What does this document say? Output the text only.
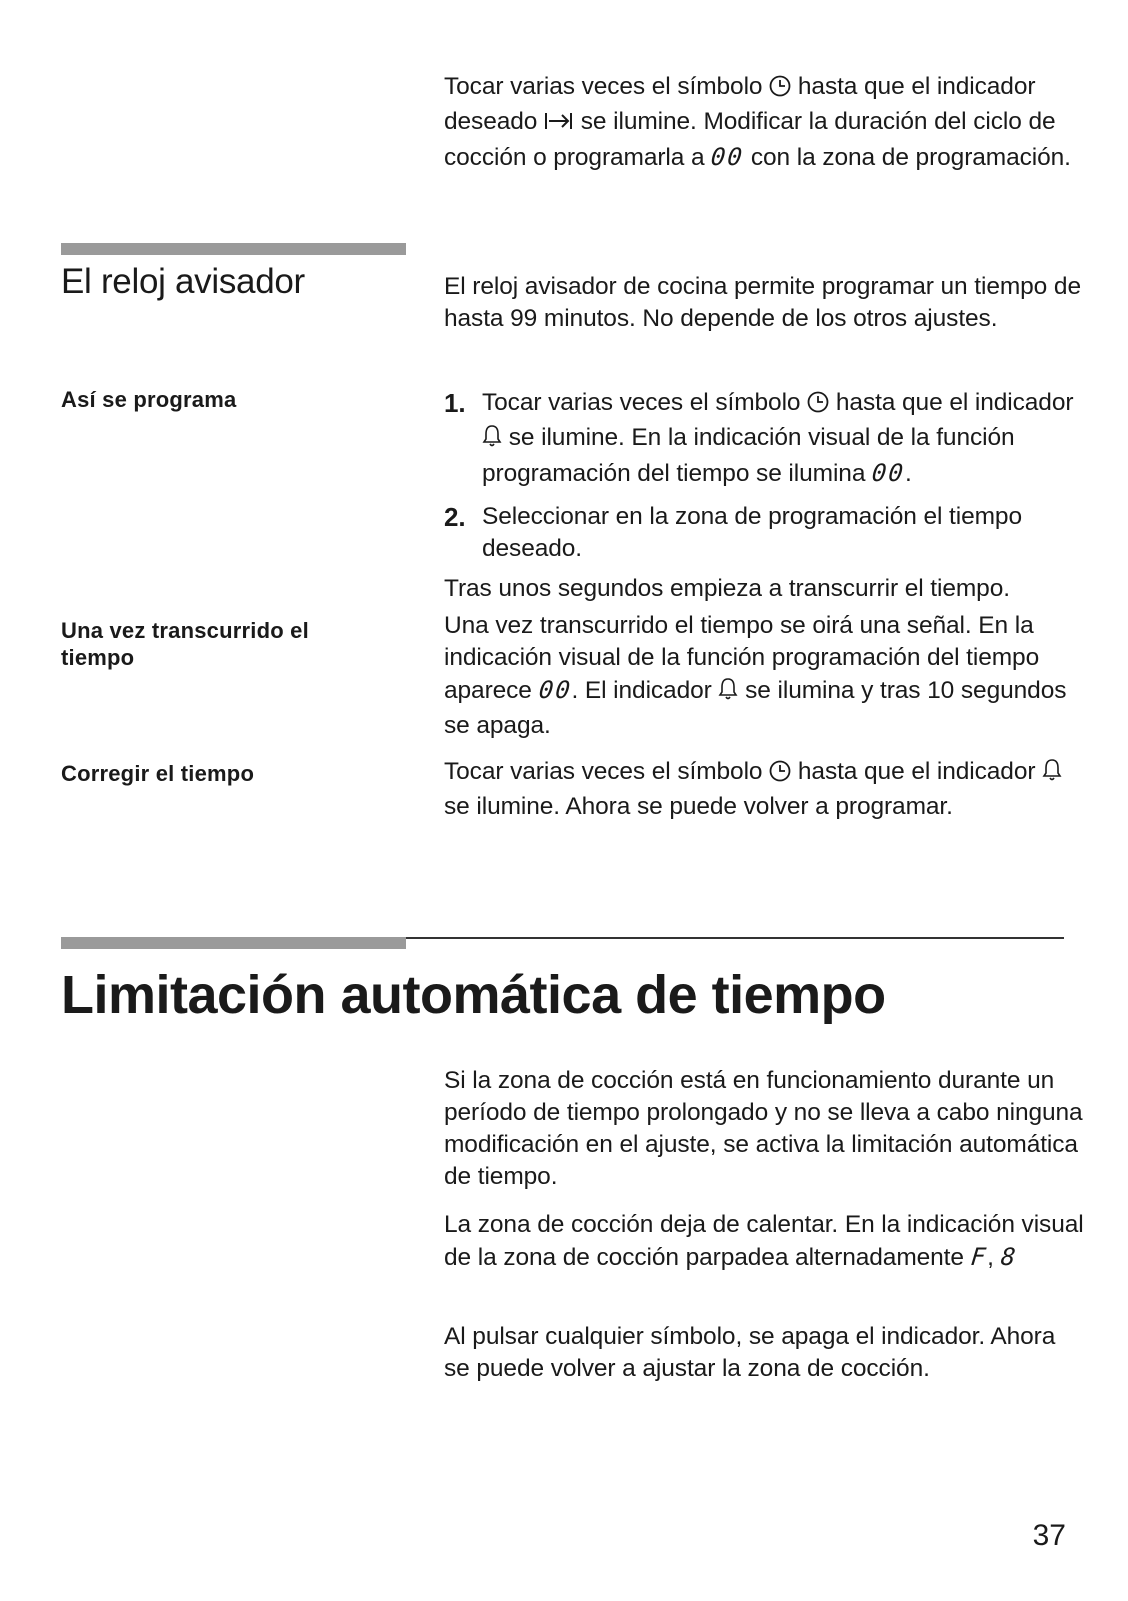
Tocar varias veces el símbolo hasta que el indicador deseado se ilumine. Modificar la duración del ciclo de cocción o programarla a 00 con la zona de programación.

El reloj avisador	El reloj avisador de cocina permite programar un tiempo de hasta 99 minutos. No depende de los otros ajustes.

Así se programa	1. Tocar varias veces el símbolo hasta que el indicador  se ilumine. En la indicación visual de la función programación del tiempo se ilumina 00.

2. Seleccionar en la zona de programación el tiempo deseado.

Tras unos segundos empieza a transcurrir el tiempo.

Una vez transcurrido el tiempo

Una vez transcurrido el tiempo se oirá una señal. En la indicación visual de la función programación del tiempo aparece 00. El indicador se ilumina y tras 10 segundos se apaga.

Corregir el tiempo	Tocar varias veces el símbolo hasta que el indicador  se ilumine. Ahora se puede volver a programar.

Limitación automática de tiempo

Si la zona de cocción está en funcionamiento durante un período de tiempo prolongado y no se lleva a cabo ninguna modificación en el ajuste, se activa la limitación automática de tiempo.

La zona de cocción deja de calentar. En la indicación visual de la zona de cocción parpadea alternadamente F, 8

Al pulsar cualquier símbolo, se apaga el indicador. Ahora se puede volver a ajustar la zona de cocción.

37
